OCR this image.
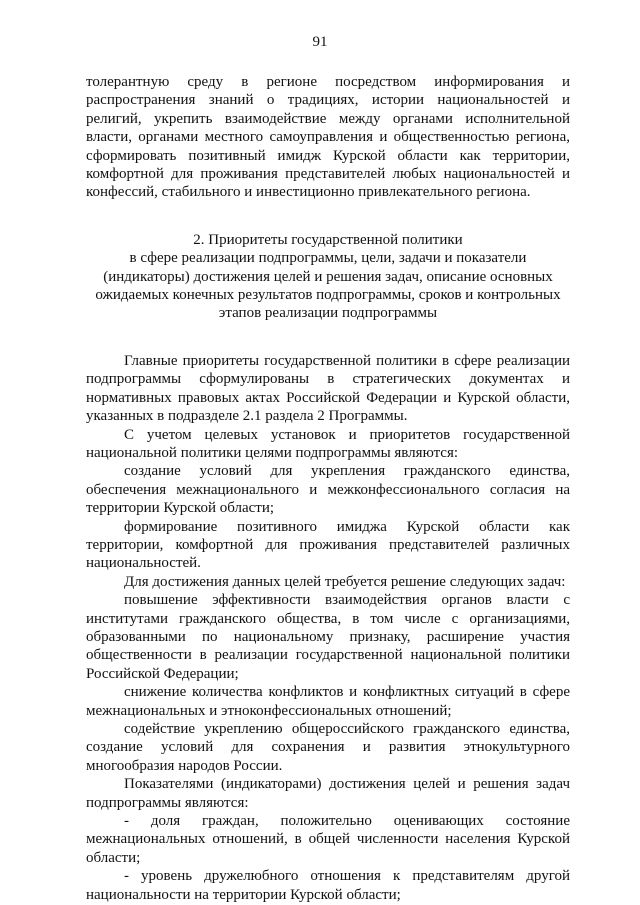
91

толерантную среду в регионе посредством информирования и распространения знаний о традициях, истории национальностей и религий, укрепить взаимодействие между органами исполнительной власти, органами местного самоуправления и общественностью региона, сформировать позитивный имидж Курской области как территории, комфортной для проживания представителей любых национальностей и конфессий, стабильного и инвестиционно привлекательного региона.

2. Приоритеты государственной политики
в сфере реализации подпрограммы, цели, задачи и показатели
(индикаторы) достижения целей и решения задач, описание основных
ожидаемых конечных результатов подпрограммы, сроков и контрольных
этапов реализации подпрограммы

Главные приоритеты государственной политики в сфере реализации подпрограммы сформулированы в стратегических документах и нормативных правовых актах Российской Федерации и Курской области, указанных в подразделе 2.1 раздела 2 Программы.

С учетом целевых установок и приоритетов государственной национальной политики целями подпрограммы являются:

создание условий для укрепления гражданского единства, обеспечения межнационального и межконфессионального согласия на территории Курской области;

формирование позитивного имиджа Курской области как территории, комфортной для проживания представителей различных национальностей.

Для достижения данных целей требуется решение следующих задач:

повышение эффективности взаимодействия органов власти с институтами гражданского общества, в том числе с организациями, образованными по национальному признаку, расширение участия общественности в реализации государственной национальной политики Российской Федерации;

снижение количества конфликтов и конфликтных ситуаций в сфере межнациональных и этноконфессиональных отношений;

содействие укреплению общероссийского гражданского единства, создание условий для сохранения и развития этнокультурного многообразия народов России.

Показателями (индикаторами) достижения целей и решения задач подпрограммы являются:

- доля граждан, положительно оценивающих состояние межнациональных отношений, в общей численности населения Курской области;

- уровень дружелюбного отношения к представителям другой национальности на территории Курской области;
